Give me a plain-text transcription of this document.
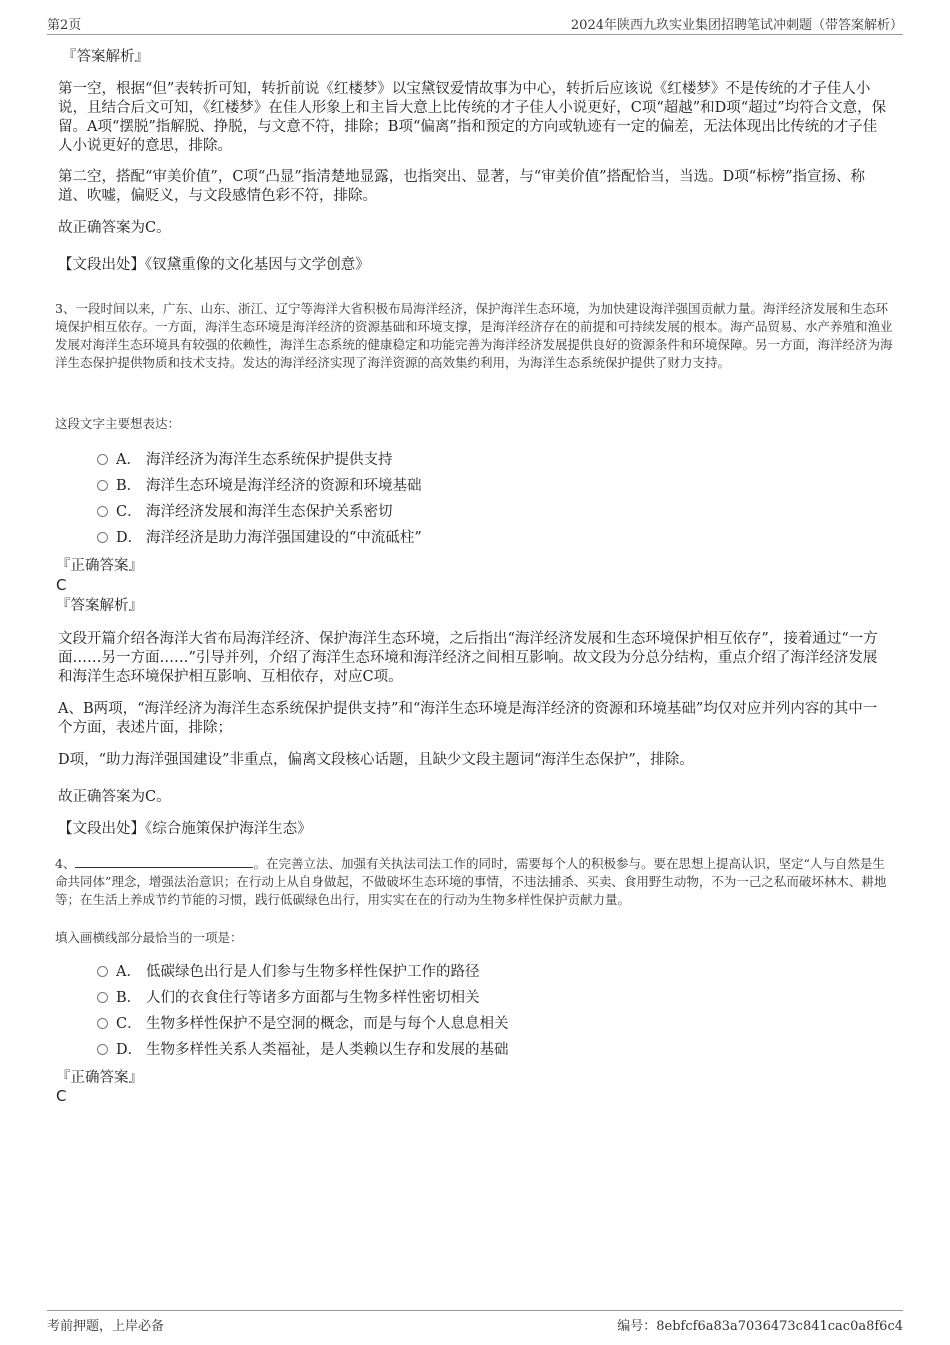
第2页	2024年陕西九玖实业集团招聘笔试冲刺题（带答案解析）
『答案解析』

第一空，根据“但”表转折可知，转折前说《红楼梦》以宝黛钗爱情故事为中心，转折后应该说《红楼梦》不是传统的才子佳人小说，且结合后文可知，《红楼梦》在佳人形象上和主旨大意上比传统的才子佳人小说更好，C项“超越”和D项“超过”均符合文意，保留。A项“摆脱”指解脱、挣脱，与文意不符，排除；B项“偏离”指和预定的方向或轨迹有一定的偏差，无法体现出比传统的才子佳人小说更好的意思，排除。

第二空，搭配“审美价值”，C项“凸显”指清楚地显露，也指突出、显著，与“审美价值”搭配恰当，当选。D项“标榜”指宣扬、称道、吹嘘，偏贬义，与文段感情色彩不符，排除。

故正确答案为C。

【文段出处】《钗黛重像的文化基因与文学创意》

3、一段时间以来，广东、山东、浙江、辽宁等海洋大省积极布局海洋经济，保护海洋生态环境，为加快建设海洋强国贡献力量。海洋经济发展和生态环境保护相互依存。一方面，海洋生态环境是海洋经济的资源基础和环境支撑，是海洋经济存在的前提和可持续发展的根本。海产品贸易、水产养殖和渔业发展对海洋生态环境具有较强的依赖性，海洋生态系统的健康稳定和功能完善为海洋经济发展提供良好的资源条件和环境保障。另一方面，海洋经济为海洋生态保护提供物质和技术支持。发达的海洋经济实现了海洋资源的高效集约利用，为海洋生态系统保护提供了财力支持。

这段文字主要想表达：

A． 海洋经济为海洋生态系统保护提供支持
B． 海洋生态环境是海洋经济的资源和环境基础
C． 海洋经济发展和海洋生态保护关系密切
D． 海洋经济是助力海洋强国建设的“中流砥柱”
『正确答案』
C
『答案解析』

文段开篇介绍各海洋大省布局海洋经济、保护海洋生态环境，之后指出“海洋经济发展和生态环境保护相互依存”，接着通过“一方面……另一方面……”引导并列，介绍了海洋生态环境和海洋经济之间相互影响。故文段为分总分结构，重点介绍了海洋经济发展和海洋生态环境保护相互影响、互相依存，对应C项。

A、B两项，“海洋经济为海洋生态系统保护提供支持”和“海洋生态环境是海洋经济的资源和环境基础”均仅对应并列内容的其中一个方面，表述片面，排除；

D项，“助力海洋强国建设”非重点，偏离文段核心话题，且缺少文段主题词“海洋生态保护”，排除。

故正确答案为C。

【文段出处】《综合施策保护海洋生态》

4、	。在完善立法、加强有关执法司法工作的同时，需要每个人的积极参与。要在思想上提高认识，坚定“人与自然是生命共同体”理念，增强法治意识；在行动上从自身做起，不做破坏生态环境的事情，不违法捕杀、买卖、食用野生动物，不为一己之私而破坏林木、耕地等；在生活上养成节约节能的习惯，践行低碳绿色出行，用实实在在的行动为生物多样性保护贡献力量。

填入画横线部分最恰当的一项是：

A． 低碳绿色出行是人们参与生物多样性保护工作的路径
B． 人们的衣食住行等诸多方面都与生物多样性密切相关
C． 生物多样性保护不是空洞的概念，而是与每个人息息相关
D． 生物多样性关系人类福祉，是人类赖以生存和发展的基础
『正确答案』
C
考前押题，上岸必备	编号：8ebfcf6a83a7036473c841cac0a8f6c4
